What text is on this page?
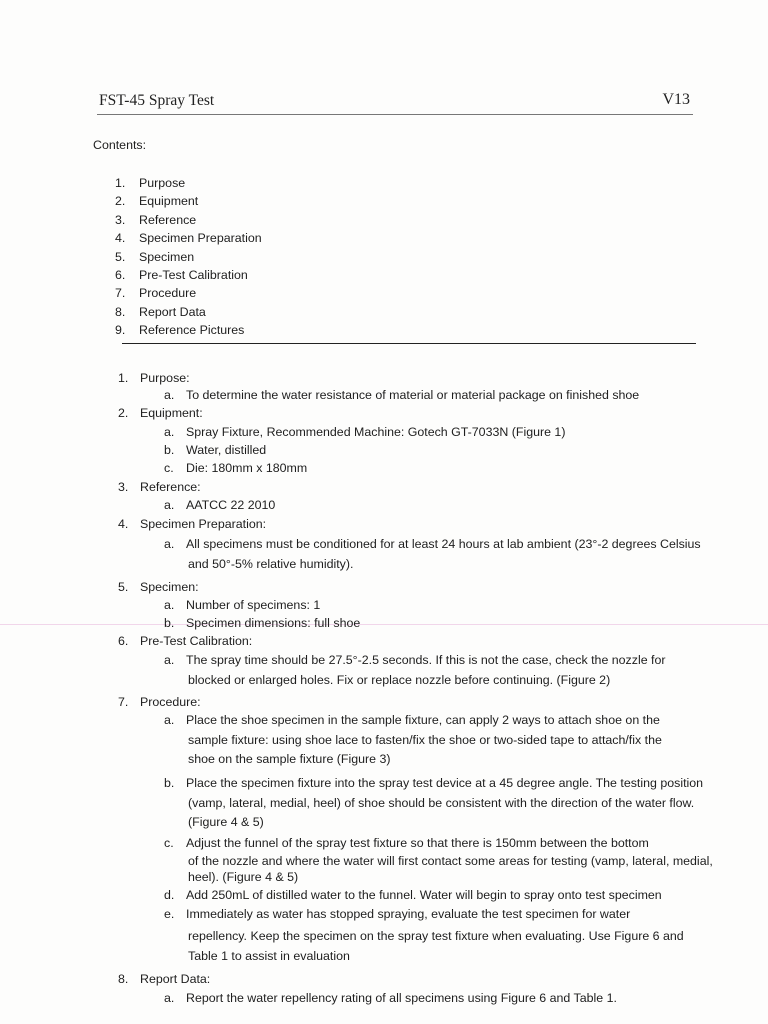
FST-45 Spray Test	V13
Contents:
1. Purpose
2. Equipment
3. Reference
4. Specimen Preparation
5. Specimen
6. Pre-Test Calibration
7. Procedure
8. Report Data
9. Reference Pictures
1. Purpose:
a. To determine the water resistance of material or material package on finished shoe
2. Equipment:
a. Spray Fixture, Recommended Machine: Gotech GT-7033N (Figure 1)
b. Water, distilled
c. Die: 180mm x 180mm
3. Reference:
a. AATCC 22 2010
4. Specimen Preparation:
a. All specimens must be conditioned for at least 24 hours at lab ambient (23°-2 degrees Celsius
and 50°-5% relative humidity).
5. Specimen:
a. Number of specimens: 1
b. Specimen dimensions: full shoe
6. Pre-Test Calibration:
a. The spray time should be 27.5°-2.5 seconds. If this is not the case, check the nozzle for
blocked or enlarged holes. Fix or replace nozzle before continuing. (Figure 2)
7. Procedure:
a. Place the shoe specimen in the sample fixture, can apply 2 ways to attach shoe on the
sample fixture: using shoe lace to fasten/fix the shoe or two-sided tape to attach/fix the
shoe on the sample fixture (Figure 3)
b. Place the specimen fixture into the spray test device at a 45 degree angle. The testing position
(vamp, lateral, medial, heel) of shoe should be consistent with the direction of the water flow.
(Figure 4 & 5)
c. Adjust the funnel of the spray test fixture so that there is 150mm between the bottom
of the nozzle and where the water will first contact some areas for testing (vamp, lateral, medial,
heel). (Figure 4 & 5)
d. Add 250mL of distilled water to the funnel. Water will begin to spray onto test specimen
e. Immediately as water has stopped spraying, evaluate the test specimen for water
repellency. Keep the specimen on the spray test fixture when evaluating. Use Figure 6 and
Table 1 to assist in evaluation
8. Report Data:
a. Report the water repellency rating of all specimens using Figure 6 and Table 1.
